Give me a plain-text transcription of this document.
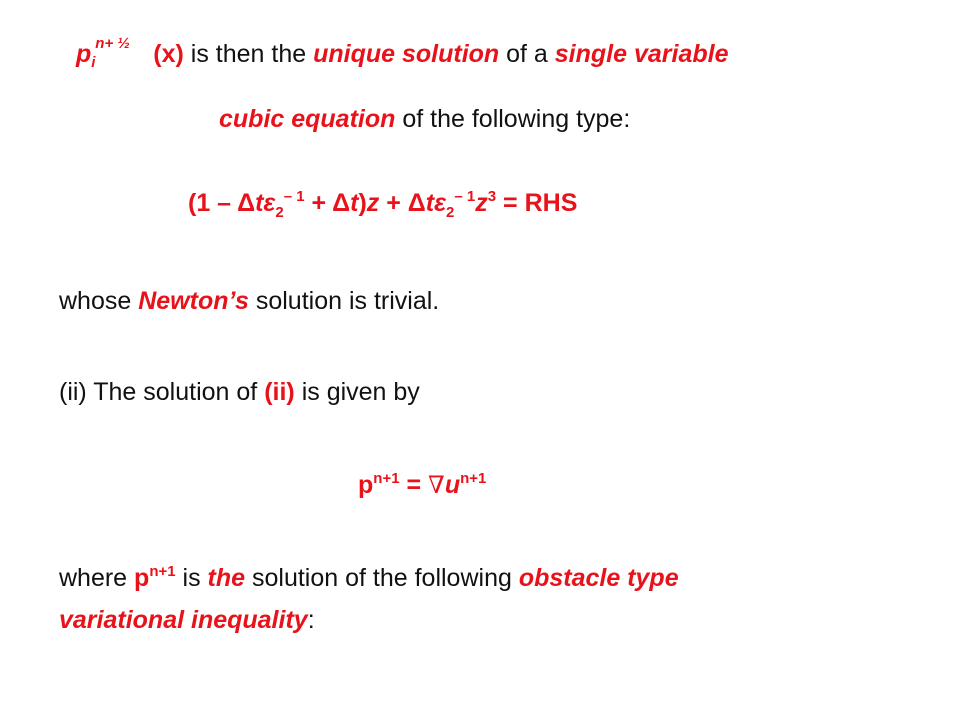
p n+ ½
i (x) is then the unique solution of a single variable
cubic equation of the following type:
$(1 - \Delta t\varepsilon_2^{- 1} + \Delta t)z + \Delta t\varepsilon_2^{- 1}z^3$ = RHS
whose Newton’s solution is trivial.
(ii) The solution of (ii) is given by
$p^{n+1} = \nabla u^{n+1}$
where $p^{n+1}$ is the solution of the following obstacle type
variational inequality:
